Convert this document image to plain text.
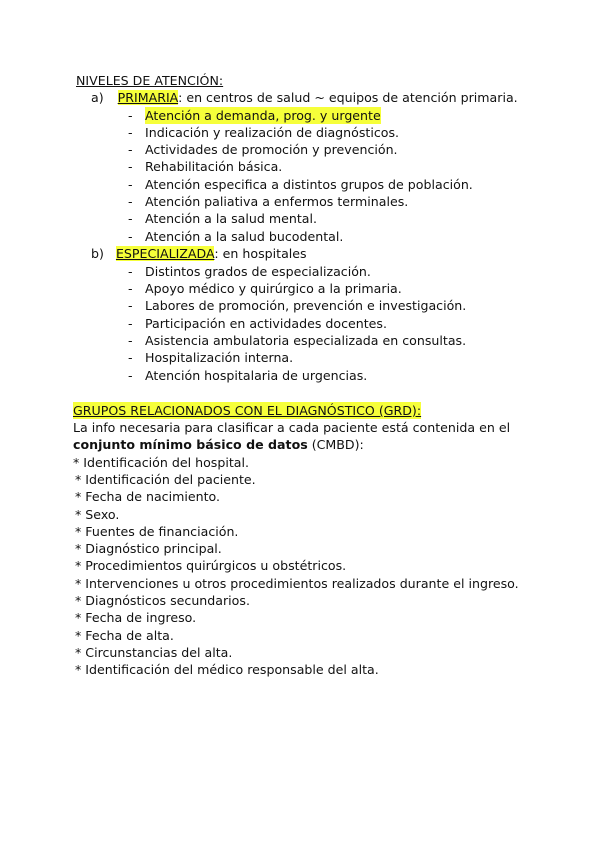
NIVELES DE ATENCIÓN:
a) PRIMARIA: en centros de salud ~ equipos de atención primaria.
- Atención a demanda, prog. y urgente
- Indicación y realización de diagnósticos.
- Actividades de promoción y prevención.
- Rehabilitación básica.
- Atención especifica a distintos grupos de población.
- Atención paliativa a enfermos terminales.
- Atención a la salud mental.
- Atención a la salud bucodental.
b) ESPECIALIZADA: en hospitales
- Distintos grados de especialización.
- Apoyo médico y quirúrgico a la primaria.
- Labores de promoción, prevención e investigación.
- Participación en actividades docentes.
- Asistencia ambulatoria especializada en consultas.
- Hospitalización interna.
- Atención hospitalaria de urgencias.
GRUPOS RELACIONADOS CON EL DIAGNÓSTICO (GRD):
La info necesaria para clasificar a cada paciente está contenida en el
conjunto mínimo básico de datos (CMBD):
* Identificación del hospital.
* Identificación del paciente.
* Fecha de nacimiento.
* Sexo.
* Fuentes de financiación.
* Diagnóstico principal.
* Procedimientos quirúrgicos u obstétricos.
* Intervenciones u otros procedimientos realizados durante el ingreso.
* Diagnósticos secundarios.
* Fecha de ingreso.
* Fecha de alta.
* Circunstancias del alta.
* Identificación del médico responsable del alta.
